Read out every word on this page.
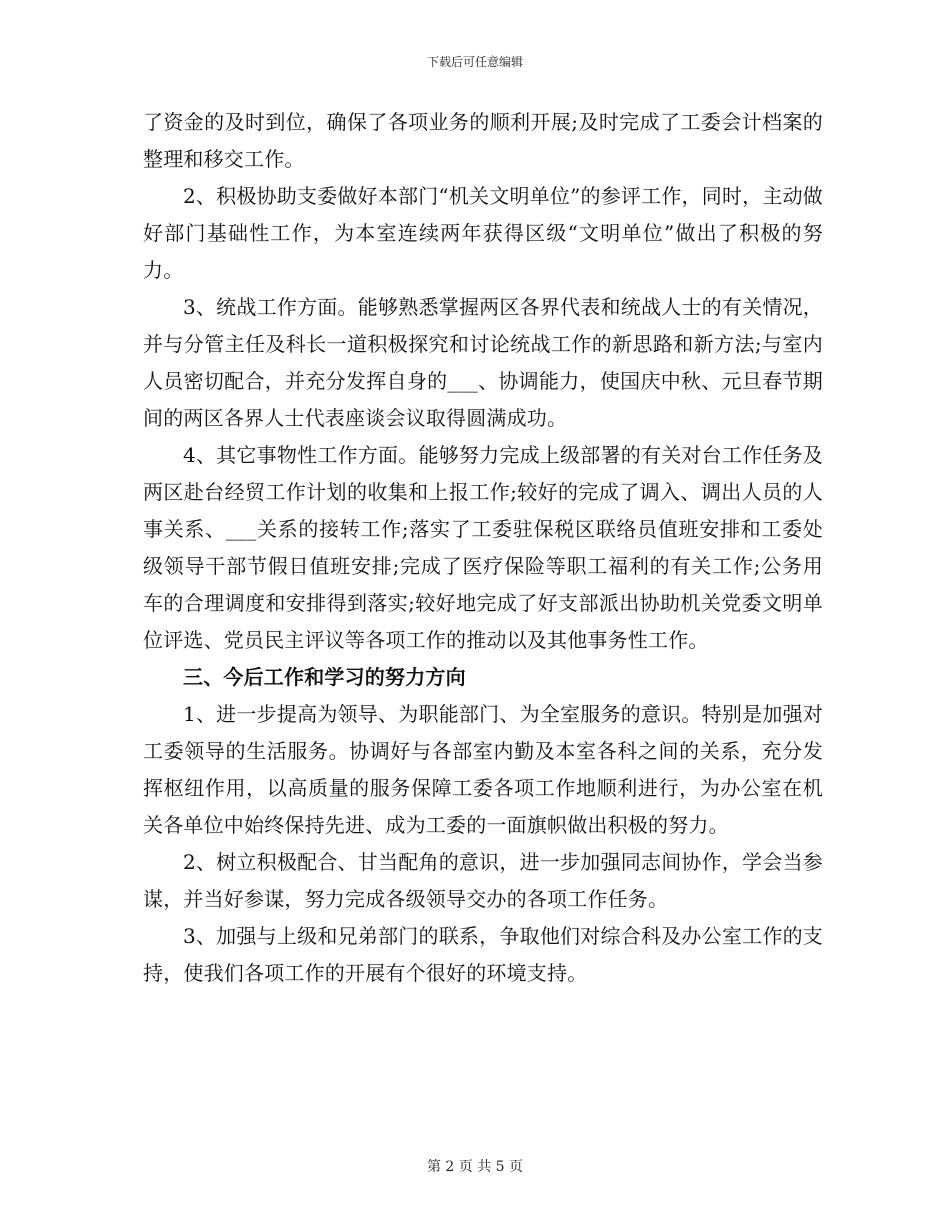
下载后可任意编辑

了资金的及时到位，确保了各项业务的顺利开展;及时完成了工委会计档案的整理和移交工作。

2、积极协助支委做好本部门“机关文明单位”的参评工作，同时，主动做好部门基础性工作，为本室连续两年获得区级“文明单位”做出了积极的努力。

3、统战工作方面。能够熟悉掌握两区各界代表和统战人士的有关情况，并与分管主任及科长一道积极探究和讨论统战工作的新思路和新方法;与室内人员密切配合，并充分发挥自身的___、协调能力，使国庆中秋、元旦春节期间的两区各界人士代表座谈会议取得圆满成功。

4、其它事物性工作方面。能够努力完成上级部署的有关对台工作任务及两区赴台经贸工作计划的收集和上报工作;较好的完成了调入、调出人员的人事关系、___关系的接转工作;落实了工委驻保税区联络员值班安排和工委处级领导干部节假日值班安排;完成了医疗保险等职工福利的有关工作;公务用车的合理调度和安排得到落实;较好地完成了好支部派出协助机关党委文明单位评选、党员民主评议等各项工作的推动以及其他事务性工作。

三、今后工作和学习的努力方向

1、进一步提高为领导、为职能部门、为全室服务的意识。特别是加强对工委领导的生活服务。协调好与各部室内勤及本室各科之间的关系，充分发挥枢纽作用，以高质量的服务保障工委各项工作地顺利进行，为办公室在机关各单位中始终保持先进、成为工委的一面旗帜做出积极的努力。

2、树立积极配合、甘当配角的意识，进一步加强同志间协作，学会当参谋，并当好参谋，努力完成各级领导交办的各项工作任务。

3、加强与上级和兄弟部门的联系，争取他们对综合科及办公室工作的支持，使我们各项工作的开展有个很好的环境支持。

第 2 页 共 5 页
